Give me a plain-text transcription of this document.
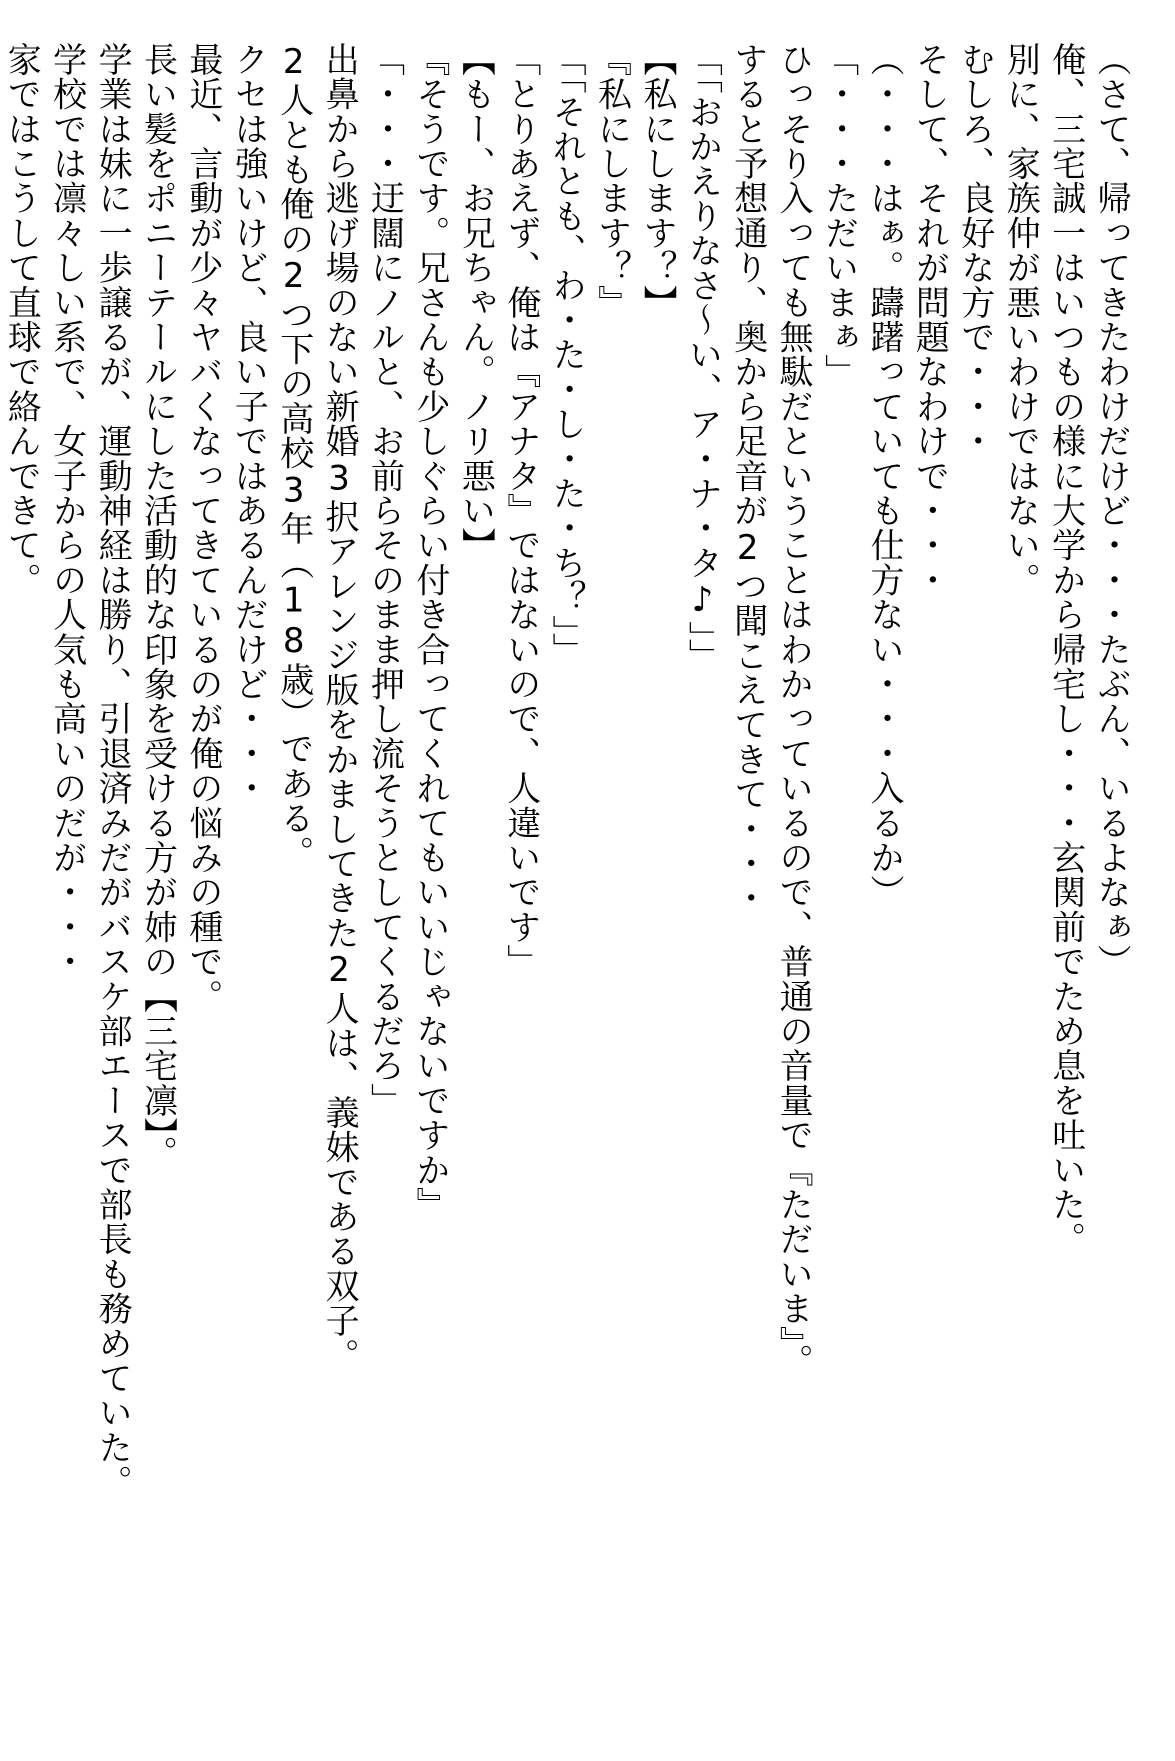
（さて、帰ってきたわけだけど・・・たぶん、いるよなぁ）
俺、三宅誠一はいつもの様に大学から帰宅し・・・玄関前でため息を吐いた。
別に、家族仲が悪いわけではない。
むしろ、良好な方で・・・
そして、それが問題なわけで・・・
（・・・はぁ。躊躇っていても仕方ない・・・入るか）
「・・・ただいまぁ」
ひっそり入っても無駄だということはわかっているので、普通の音量で『ただいま』。
すると予想通り、奥から足音が2つ聞こえてきて・・・
「「おかえりなさ～い、ア・ナ・タ♪」」
【私にします？】
『私にします？』
「「それとも、わ・た・し・た・ち？」」
「とりあえず、俺は『アナタ』ではないので、人違いです」
【もー、お兄ちゃん。ノリ悪い】
『そうです。兄さんも少しぐらい付き合ってくれてもいいじゃないですか』
「・・・迂闊にノルと、お前らそのまま押し流そうとしてくるだろ」
出鼻から逃げ場のない新婚3択アレンジ版をかましてきた2人は、義妹である双子。
2人とも俺の2つ下の高校3年（18歳）である。
クセは強いけど、良い子ではあるんだけど・・・
最近、言動が少々ヤバくなってきているのが俺の悩みの種で。
長い髪をポニーテールにした活動的な印象を受ける方が姉の【三宅凛】。
学業は妹に一歩譲るが、運動神経は勝り、引退済みだがバスケ部エースで部長も務めていた。
学校では凛々しい系で、女子からの人気も高いのだが・・・
家ではこうして直球で絡んできて。
